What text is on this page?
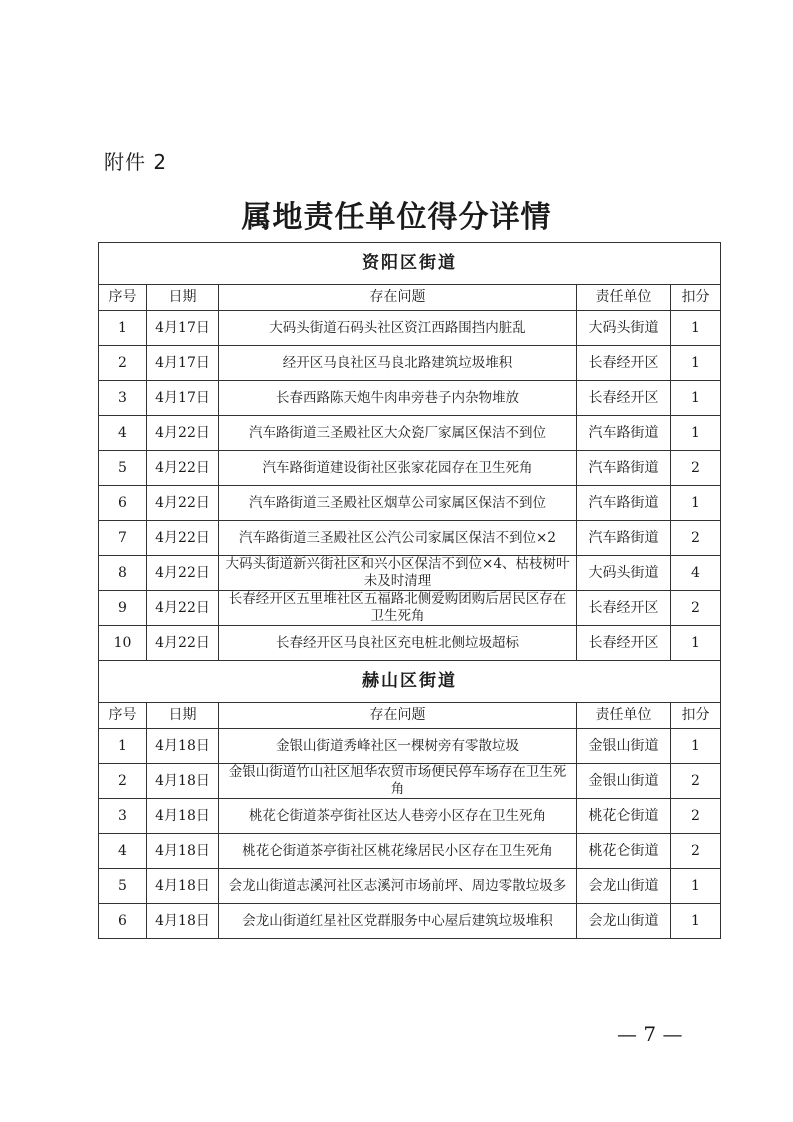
附件 2
属地责任单位得分详情
资阳区街道				
序号	日期	存在问题	责任单位	扣分
1	4月17日	大码头街道石码头社区资江西路围挡内脏乱	大码头街道	1
2	4月17日	经开区马良社区马良北路建筑垃圾堆积	长春经开区	1
3	4月17日	长春西路陈天炮牛肉串旁巷子内杂物堆放	长春经开区	1
4	4月22日	汽车路街道三圣殿社区大众瓷厂家属区保洁不到位	汽车路街道	1
5	4月22日	汽车路街道建设街社区张家花园存在卫生死角	汽车路街道	2
6	4月22日	汽车路街道三圣殿社区烟草公司家属区保洁不到位	汽车路街道	1
7	4月22日	汽车路街道三圣殿社区公汽公司家属区保洁不到位×2	汽车路街道	2
8	4月22日	大码头街道新兴街社区和兴小区保洁不到位×4、枯枝树叶未及时清理	大码头街道	4
9	4月22日	长春经开区五里堆社区五福路北侧爱购团购后居民区存在卫生死角	长春经开区	2
10	4月22日	长春经开区马良社区充电桩北侧垃圾超标	长春经开区	1
赫山区街道				
序号	日期	存在问题	责任单位	扣分
1	4月18日	金银山街道秀峰社区一棵树旁有零散垃圾	金银山街道	1
2	4月18日	金银山街道竹山社区旭华农贸市场便民停车场存在卫生死角	金银山街道	2
3	4月18日	桃花仑街道茶亭街社区达人巷旁小区存在卫生死角	桃花仑街道	2
4	4月18日	桃花仑街道茶亭街社区桃花缘居民小区存在卫生死角	桃花仑街道	2
5	4月18日	会龙山街道志溪河社区志溪河市场前坪、周边零散垃圾多	会龙山街道	1
6	4月18日	会龙山街道红星社区党群服务中心屋后建筑垃圾堆积	会龙山街道	1
— 7 —
